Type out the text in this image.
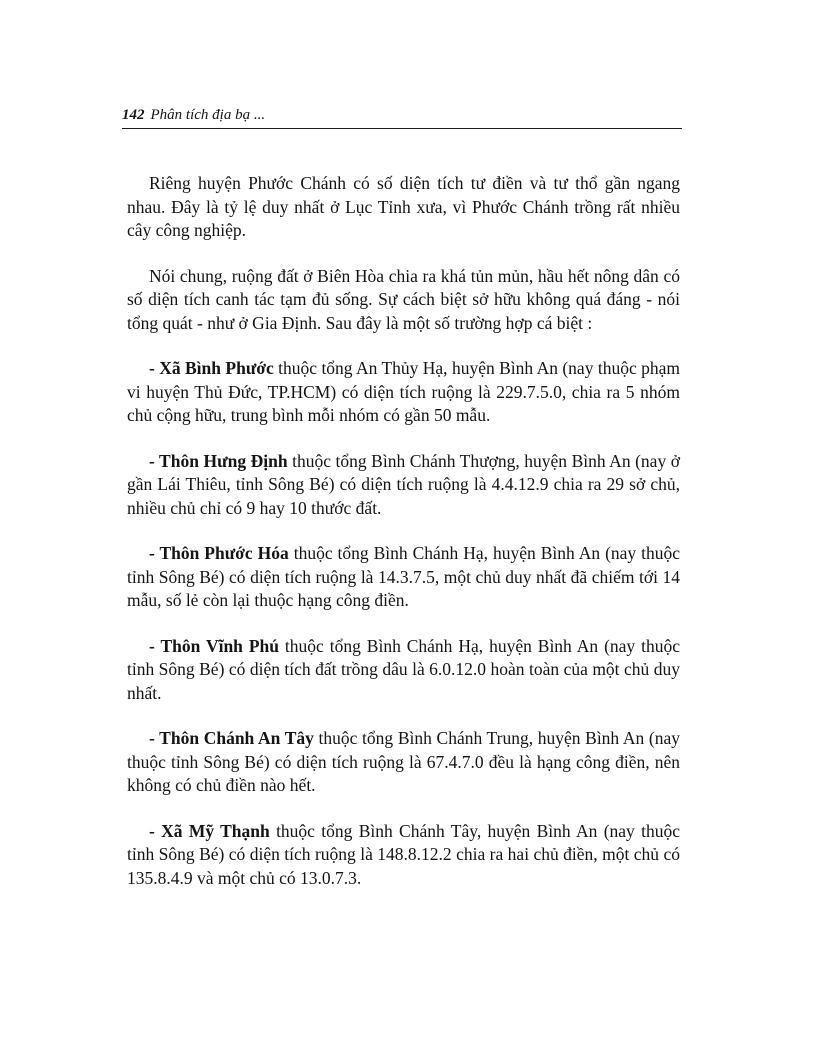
142 Phân tích địa bạ ...

Riêng huyện Phước Chánh có số diện tích tư điền và tư thổ gần ngang nhau. Đây là tỷ lệ duy nhất ở Lục Tỉnh xưa, vì Phước Chánh trồng rất nhiều cây công nghiệp.

Nói chung, ruộng đất ở Biên Hòa chia ra khá tủn mủn, hầu hết nông dân có số diện tích canh tác tạm đủ sống. Sự cách biệt sở hữu không quá đáng - nói tổng quát - như ở Gia Định. Sau đây là một số trường hợp cá biệt :

- Xã Bình Phước thuộc tổng An Thủy Hạ, huyện Bình An (nay thuộc phạm vi huyện Thủ Đức, TP.HCM) có diện tích ruộng là 229.7.5.0, chia ra 5 nhóm chủ cộng hữu, trung bình mỗi nhóm có gần 50 mẫu.

- Thôn Hưng Định thuộc tổng Bình Chánh Thượng, huyện Bình An (nay ở gần Lái Thiêu, tỉnh Sông Bé) có diện tích ruộng là 4.4.12.9 chia ra 29 sở chủ, nhiều chủ chỉ có 9 hay 10 thước đất.

- Thôn Phước Hóa thuộc tổng Bình Chánh Hạ, huyện Bình An (nay thuộc tỉnh Sông Bé) có diện tích ruộng là 14.3.7.5, một chủ duy nhất đã chiếm tới 14 mẫu, số lẻ còn lại thuộc hạng công điền.

- Thôn Vĩnh Phú thuộc tổng Bình Chánh Hạ, huyện Bình An (nay thuộc tỉnh Sông Bé) có diện tích đất trồng dâu là 6.0.12.0 hoàn toàn của một chủ duy nhất.

- Thôn Chánh An Tây thuộc tổng Bình Chánh Trung, huyện Bình An (nay thuộc tỉnh Sông Bé) có diện tích ruộng là 67.4.7.0 đều là hạng công điền, nên không có chủ điền nào hết.

- Xã Mỹ Thạnh thuộc tổng Bình Chánh Tây, huyện Bình An (nay thuộc tỉnh Sông Bé) có diện tích ruộng là 148.8.12.2 chia ra hai chủ điền, một chủ có 135.8.4.9 và một chủ có 13.0.7.3.
